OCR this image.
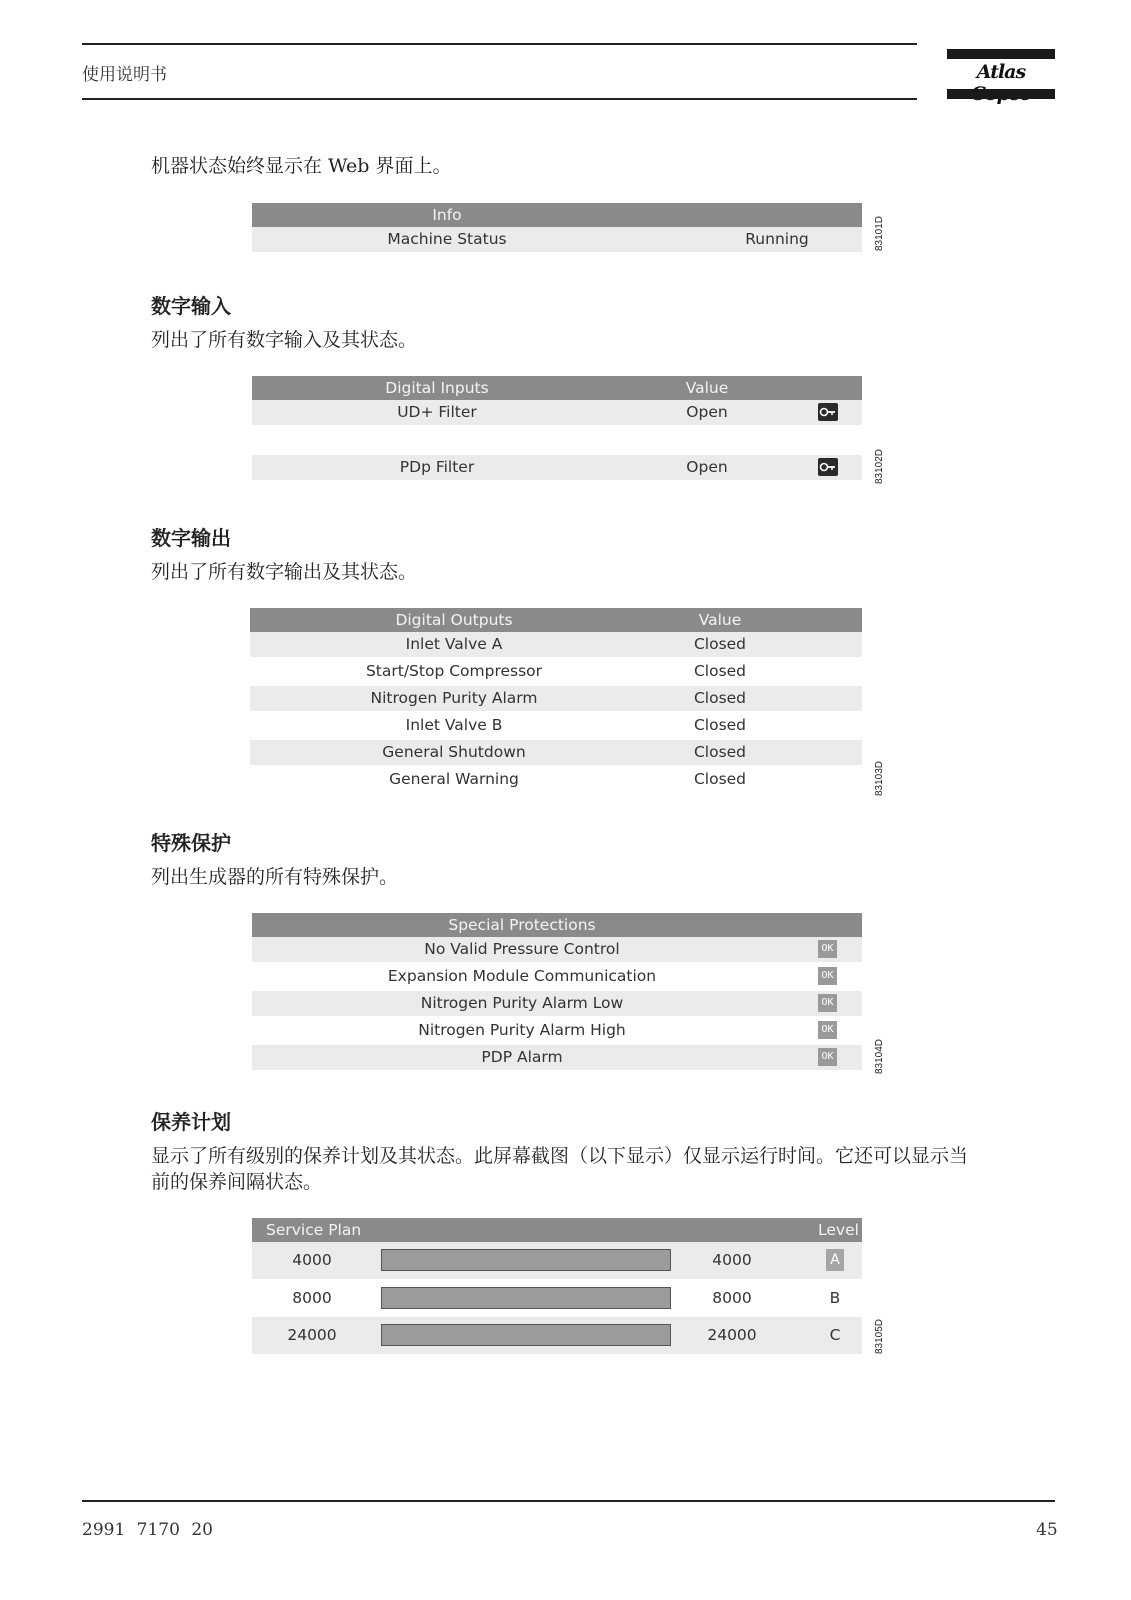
使用说明书	Atlas
机器状态始终显示在 Web 界面上。
Info
Machine Status	Running	83101D
数字输入
列出了所有数字输入及其状态。
Digital Inputs	Value
UD+ Filter	Open
PDp Filter	Open	83102D
数字输出
列出了所有数字输出及其状态。
Digital Outputs	Value
Inlet Valve A	Closed
Start/Stop Compressor	Closed
Nitrogen Purity Alarm	Closed
Inlet Valve B	Closed
General Shutdown	Closed
General Warning	Closed	83103D
特殊保护
列出生成器的所有特殊保护。
Special Protections
No Valid Pressure Control	OK
Expansion Module Communication	OK
Nitrogen Purity Alarm Low	OK
Nitrogen Purity Alarm High	OK
PDP Alarm	OK	83104D
保养计划
显示了所有级别的保养计划及其状态。此屏幕截图（以下显示）仅显示运行时间。它还可以显示当
前的保养间隔状态。
Service Plan	Level
4000	4000	A
8000	8000	B
24000	24000	C	83105D
2991 7170 20	45
